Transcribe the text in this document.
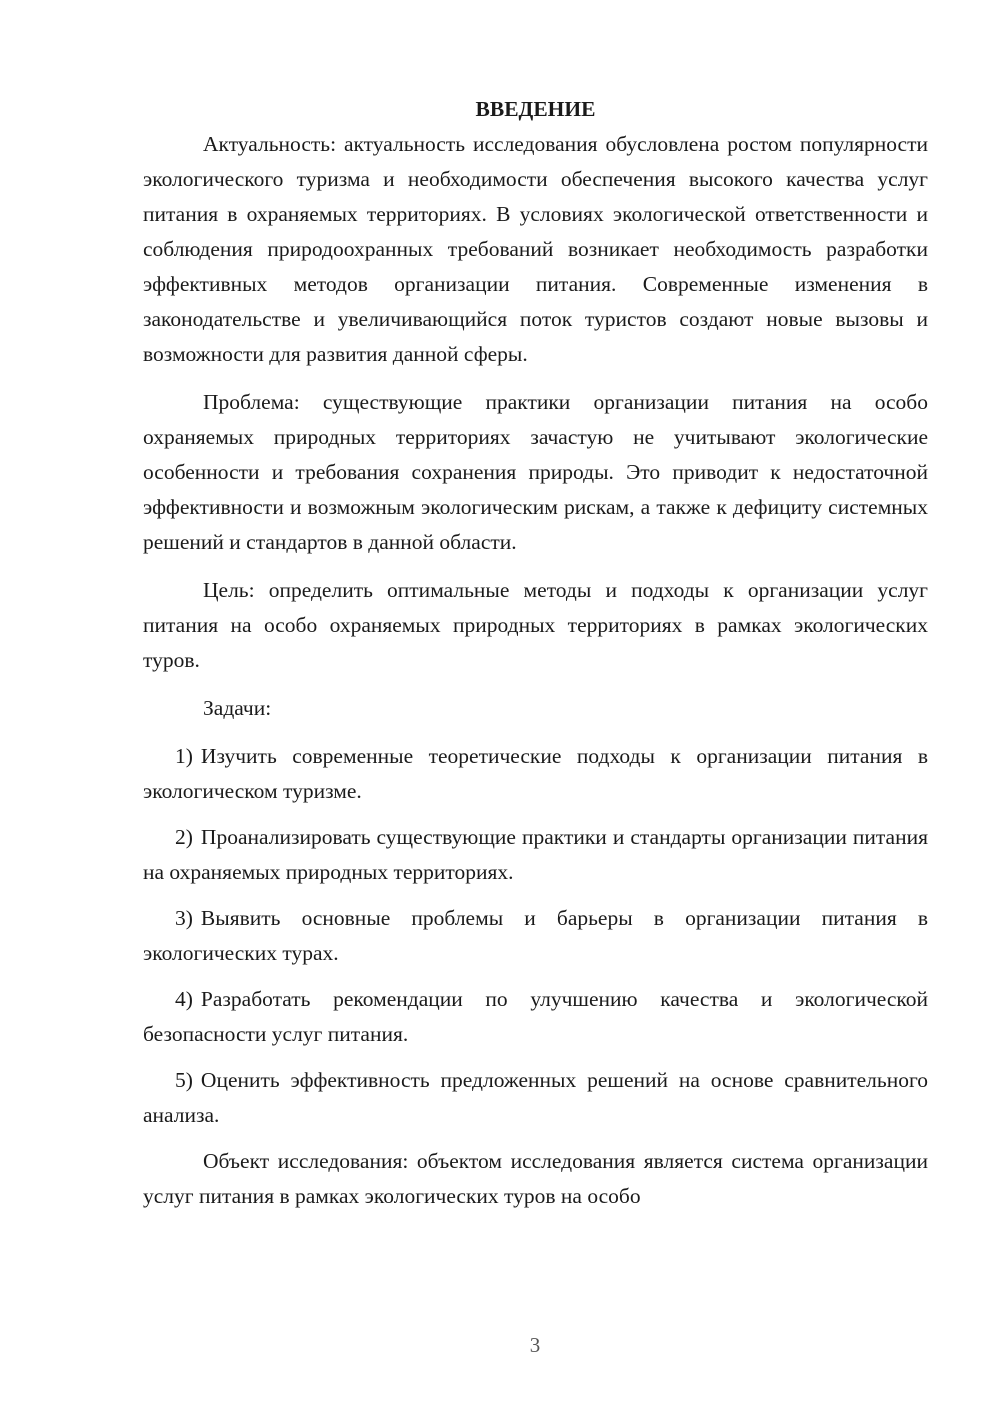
ВВЕДЕНИЕ

Актуальность: актуальность исследования обусловлена ростом популярности экологического туризма и необходимости обеспечения высокого качества услуг питания в охраняемых территориях. В условиях экологической ответственности и соблюдения природоохранных требований возникает необходимость разработки эффективных методов организации питания. Современные изменения в законодательстве и увеличивающийся поток туристов создают новые вызовы и возможности для развития данной сферы.

Проблема: существующие практики организации питания на особо охраняемых природных территориях зачастую не учитывают экологические особенности и требования сохранения природы. Это приводит к недостаточной эффективности и возможным экологическим рискам, а также к дефициту системных решений и стандартов в данной области.

Цель: определить оптимальные методы и подходы к организации услуг питания на особо охраняемых природных территориях в рамках экологических туров.

Задачи:

1) Изучить современные теоретические подходы к организации питания в экологическом туризме.

2) Проанализировать существующие практики и стандарты организации питания на охраняемых природных территориях.

3) Выявить основные проблемы и барьеры в организации питания в экологических турах.

4) Разработать рекомендации по улучшению качества и экологической безопасности услуг питания.

5) Оценить эффективность предложенных решений на основе сравнительного анализа.

Объект исследования: объектом исследования является система организации услуг питания в рамках экологических туров на особо

3
